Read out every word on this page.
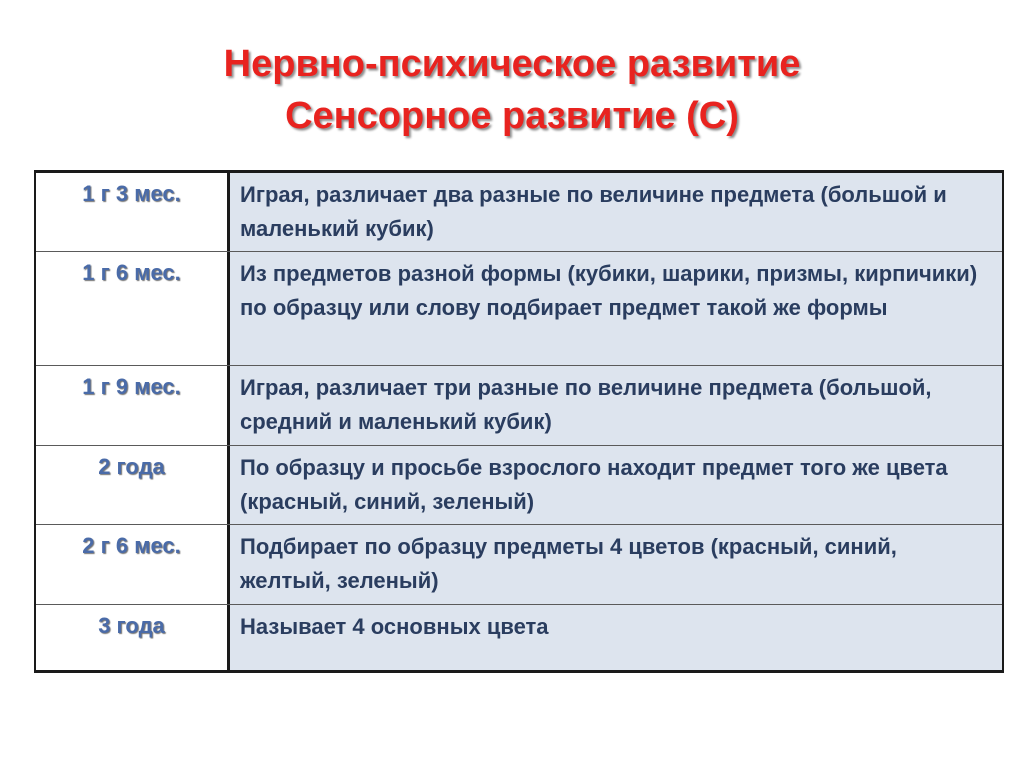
Нервно-психическое развитие
Сенсорное развитие (С)
1 г 3 мес.	Играя, различает два разные по величине предмета (большой и маленький кубик)
1 г 6 мес.	Из предметов разной формы (кубики, шарики, призмы, кирпичики) по образцу или слову подбирает предмет такой же формы
1 г 9 мес.	Играя, различает три разные по величине предмета (большой, средний и маленький кубик)
2 года	По образцу и просьбе взрослого находит предмет того же цвета (красный, синий, зеленый)
2 г 6 мес.	Подбирает по образцу предметы 4 цветов (красный, синий, желтый, зеленый)
3 года	Называет 4 основных цвета
